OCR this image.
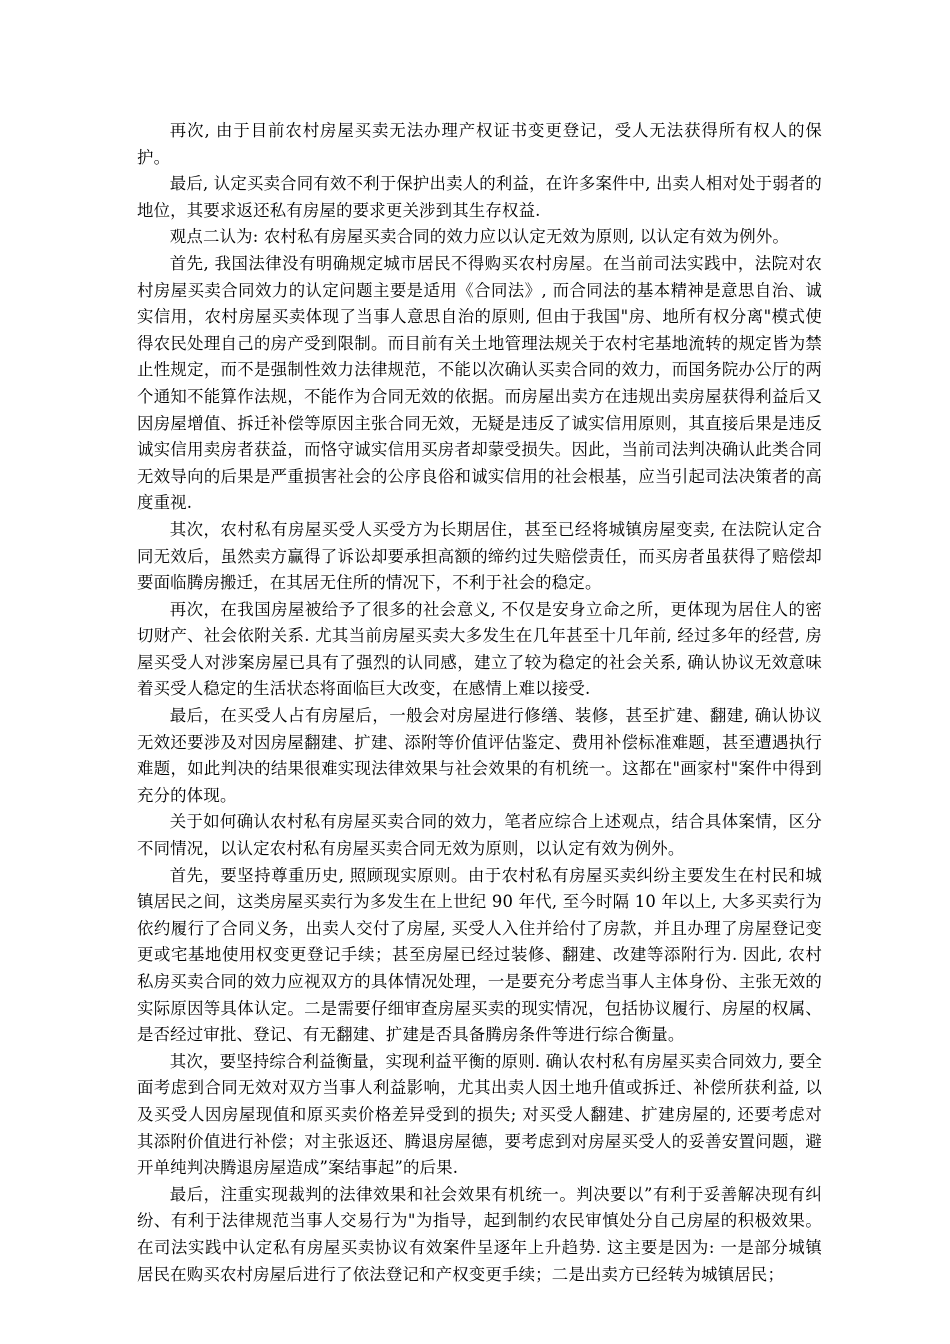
再次, 由于目前农村房屋买卖无法办理产权证书变更登记，受人无法获得所有权人的保护。

最后, 认定买卖合同有效不利于保护出卖人的利益，在许多案件中, 出卖人相对处于弱者的地位，其要求返还私有房屋的要求更关涉到其生存权益.

观点二认为: 农村私有房屋买卖合同的效力应以认定无效为原则, 以认定有效为例外。

首先, 我国法律没有明确规定城市居民不得购买农村房屋。在当前司法实践中，法院对农村房屋买卖合同效力的认定问题主要是适用《合同法》, 而合同法的基本精神是意思自治、诚实信用，农村房屋买卖体现了当事人意思自治的原则, 但由于我国"房、地所有权分离"模式使得农民处理自己的房产受到限制。而目前有关土地管理法规关于农村宅基地流转的规定皆为禁止性规定，而不是强制性效力法律规范，不能以次确认买卖合同的效力，而国务院办公厅的两个通知不能算作法规，不能作为合同无效的依据。而房屋出卖方在违规出卖房屋获得利益后又因房屋增值、拆迁补偿等原因主张合同无效，无疑是违反了诚实信用原则，其直接后果是违反诚实信用卖房者获益，而恪守诚实信用买房者却蒙受损失。因此，当前司法判决确认此类合同无效导向的后果是严重损害社会的公序良俗和诚实信用的社会根基，应当引起司法决策者的高度重视.

其次，农村私有房屋买受人买受方为长期居住，甚至已经将城镇房屋变卖, 在法院认定合同无效后，虽然卖方赢得了诉讼却要承担高额的缔约过失赔偿责任，而买房者虽获得了赔偿却要面临腾房搬迁，在其居无住所的情况下，不利于社会的稳定。

再次，在我国房屋被给予了很多的社会意义, 不仅是安身立命之所，更体现为居住人的密切财产、社会依附关系. 尤其当前房屋买卖大多发生在几年甚至十几年前, 经过多年的经营, 房屋买受人对涉案房屋已具有了强烈的认同感，建立了较为稳定的社会关系, 确认协议无效意味着买受人稳定的生活状态将面临巨大改变，在感情上难以接受.

最后，在买受人占有房屋后，一般会对房屋进行修缮、装修，甚至扩建、翻建, 确认协议无效还要涉及对因房屋翻建、扩建、添附等价值评估鉴定、费用补偿标准难题，甚至遭遇执行难题，如此判决的结果很难实现法律效果与社会效果的有机统一。这都在"画家村"案件中得到充分的体现。

关于如何确认农村私有房屋买卖合同的效力，笔者应综合上述观点，结合具体案情，区分不同情况，以认定农村私有房屋买卖合同无效为原则，以认定有效为例外。

首先，要坚持尊重历史, 照顾现实原则。由于农村私有房屋买卖纠纷主要发生在村民和城镇居民之间，这类房屋买卖行为多发生在上世纪 90 年代, 至今时隔 10 年以上, 大多买卖行为依约履行了合同义务，出卖人交付了房屋, 买受人入住并给付了房款，并且办理了房屋登记变更或宅基地使用权变更登记手续；甚至房屋已经过装修、翻建、改建等添附行为. 因此, 农村私房买卖合同的效力应视双方的具体情况处理，一是要充分考虑当事人主体身份、主张无效的实际原因等具体认定。二是需要仔细审查房屋买卖的现实情况，包括协议履行、房屋的权属、是否经过审批、登记、有无翻建、扩建是否具备腾房条件等进行综合衡量。

其次，要坚持综合利益衡量，实现利益平衡的原则. 确认农村私有房屋买卖合同效力, 要全面考虑到合同无效对双方当事人利益影响，尤其出卖人因土地升值或拆迁、补偿所获利益, 以及买受人因房屋现值和原买卖价格差异受到的损失; 对买受人翻建、扩建房屋的, 还要考虑对其添附价值进行补偿；对主张返还、腾退房屋德，要考虑到对房屋买受人的妥善安置问题，避开单纯判决腾退房屋造成”案结事起”的后果.

最后，注重实现裁判的法律效果和社会效果有机统一。判决要以”有利于妥善解决现有纠纷、有利于法律规范当事人交易行为"为指导，起到制约农民审慎处分自己房屋的积极效果。在司法实践中认定私有房屋买卖协议有效案件呈逐年上升趋势. 这主要是因为: 一是部分城镇居民在购买农村房屋后进行了依法登记和产权变更手续；二是出卖方已经转为城镇居民；
